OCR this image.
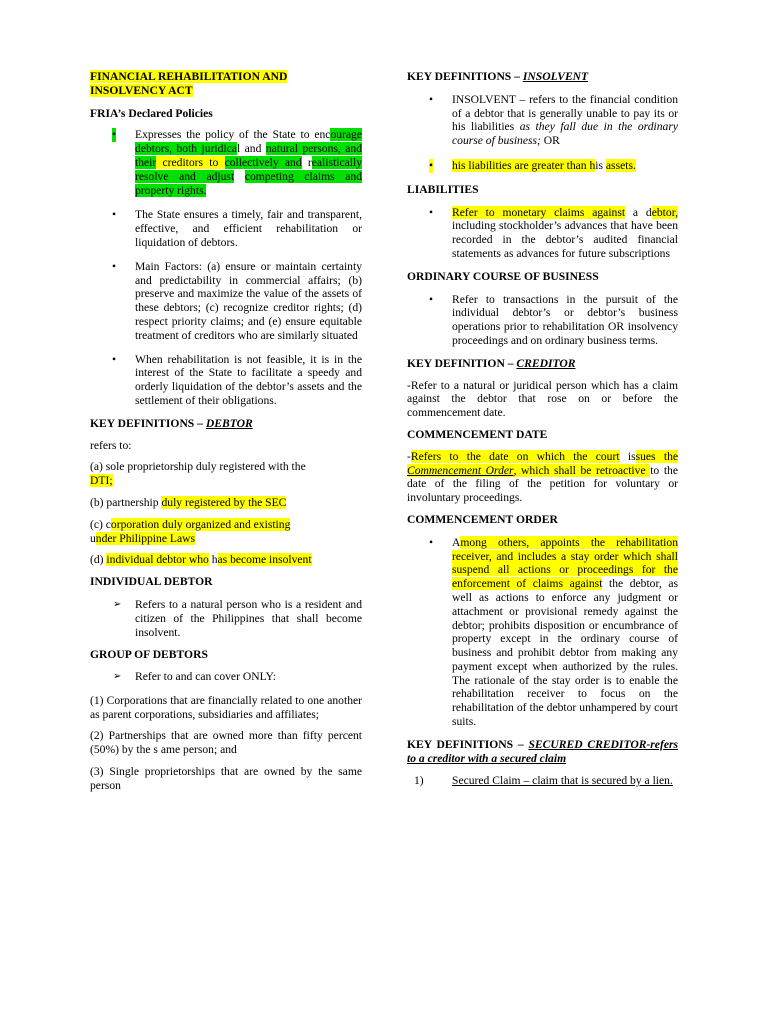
FINANCIAL REHABILITATION AND
INSOLVENCY ACT

FRIA’s Declared Policies

• Expresses the policy of the State to encourage debtors, both juridical and natural persons, and their creditors to collectively and realistically resolve and adjust competing claims and property rights.
• The State ensures a timely, fair and transparent, effective, and efficient rehabilitation or liquidation of debtors.
• Main Factors: (a) ensure or maintain certainty and predictability in commercial affairs; (b) preserve and maximize the value of the assets of these debtors; (c) recognize creditor rights; (d) respect priority claims; and (e) ensure equitable treatment of creditors who are similarly situated
• When rehabilitation is not feasible, it is in the interest of the State to facilitate a speedy and orderly liquidation of the debtor’s assets and the settlement of their obligations.

KEY DEFINITIONS – DEBTOR

refers to:

(a) sole proprietorship duly registered with the
DTI;

(b) partnership duly registered by the SEC

(c) corporation duly organized and existing
under Philippine Laws

(d) individual debtor who has become insolvent

INDIVIDUAL DEBTOR

➢ Refers to a natural person who is a resident and citizen of the Philippines that shall become insolvent.

GROUP OF DEBTORS

➢ Refer to and can cover ONLY:

(1) Corporations that are financially related to one another as parent corporations, subsidiaries and affiliates;

(2) Partnerships that are owned more than fifty percent (50%) by the s ame person; and

(3) Single proprietorships that are owned by the same person

KEY DEFINITIONS – INSOLVENT

• INSOLVENT – refers to the financial condition of a debtor that is generally unable to pay its or his liabilities as they fall due in the ordinary course of business; OR
• his liabilities are greater than his assets.

LIABILITIES

• Refer to monetary claims against a debtor, including stockholder’s advances that have been recorded in the debtor’s audited financial statements as advances for future subscriptions

ORDINARY COURSE OF BUSINESS

• Refer to transactions in the pursuit of the individual debtor’s or debtor’s business operations prior to rehabilitation OR insolvency proceedings and on ordinary business terms.

KEY DEFINITION – CREDITOR

-Refer to a natural or juridical person which has a claim against the debtor that rose on or before the commencement date.

COMMENCEMENT DATE

-Refers to the date on which the court issues the Commencement Order, which shall be retroactive to the date of the filing of the petition for voluntary or involuntary proceedings.

COMMENCEMENT ORDER

• Among others, appoints the rehabilitation receiver, and includes a stay order which shall suspend all actions or proceedings for the enforcement of claims against the debtor, as well as actions to enforce any judgment or attachment or provisional remedy against the debtor; prohibits disposition or encumbrance of property except in the ordinary course of business and prohibit debtor from making any payment except when authorized by the rules. The rationale of the stay order is to enable the rehabilitation receiver to focus on the rehabilitation of the debtor unhampered by court suits.

KEY DEFINITIONS – SECURED CREDITOR-refers to a creditor with a secured claim

1) Secured Claim – claim that is secured by a lien.
